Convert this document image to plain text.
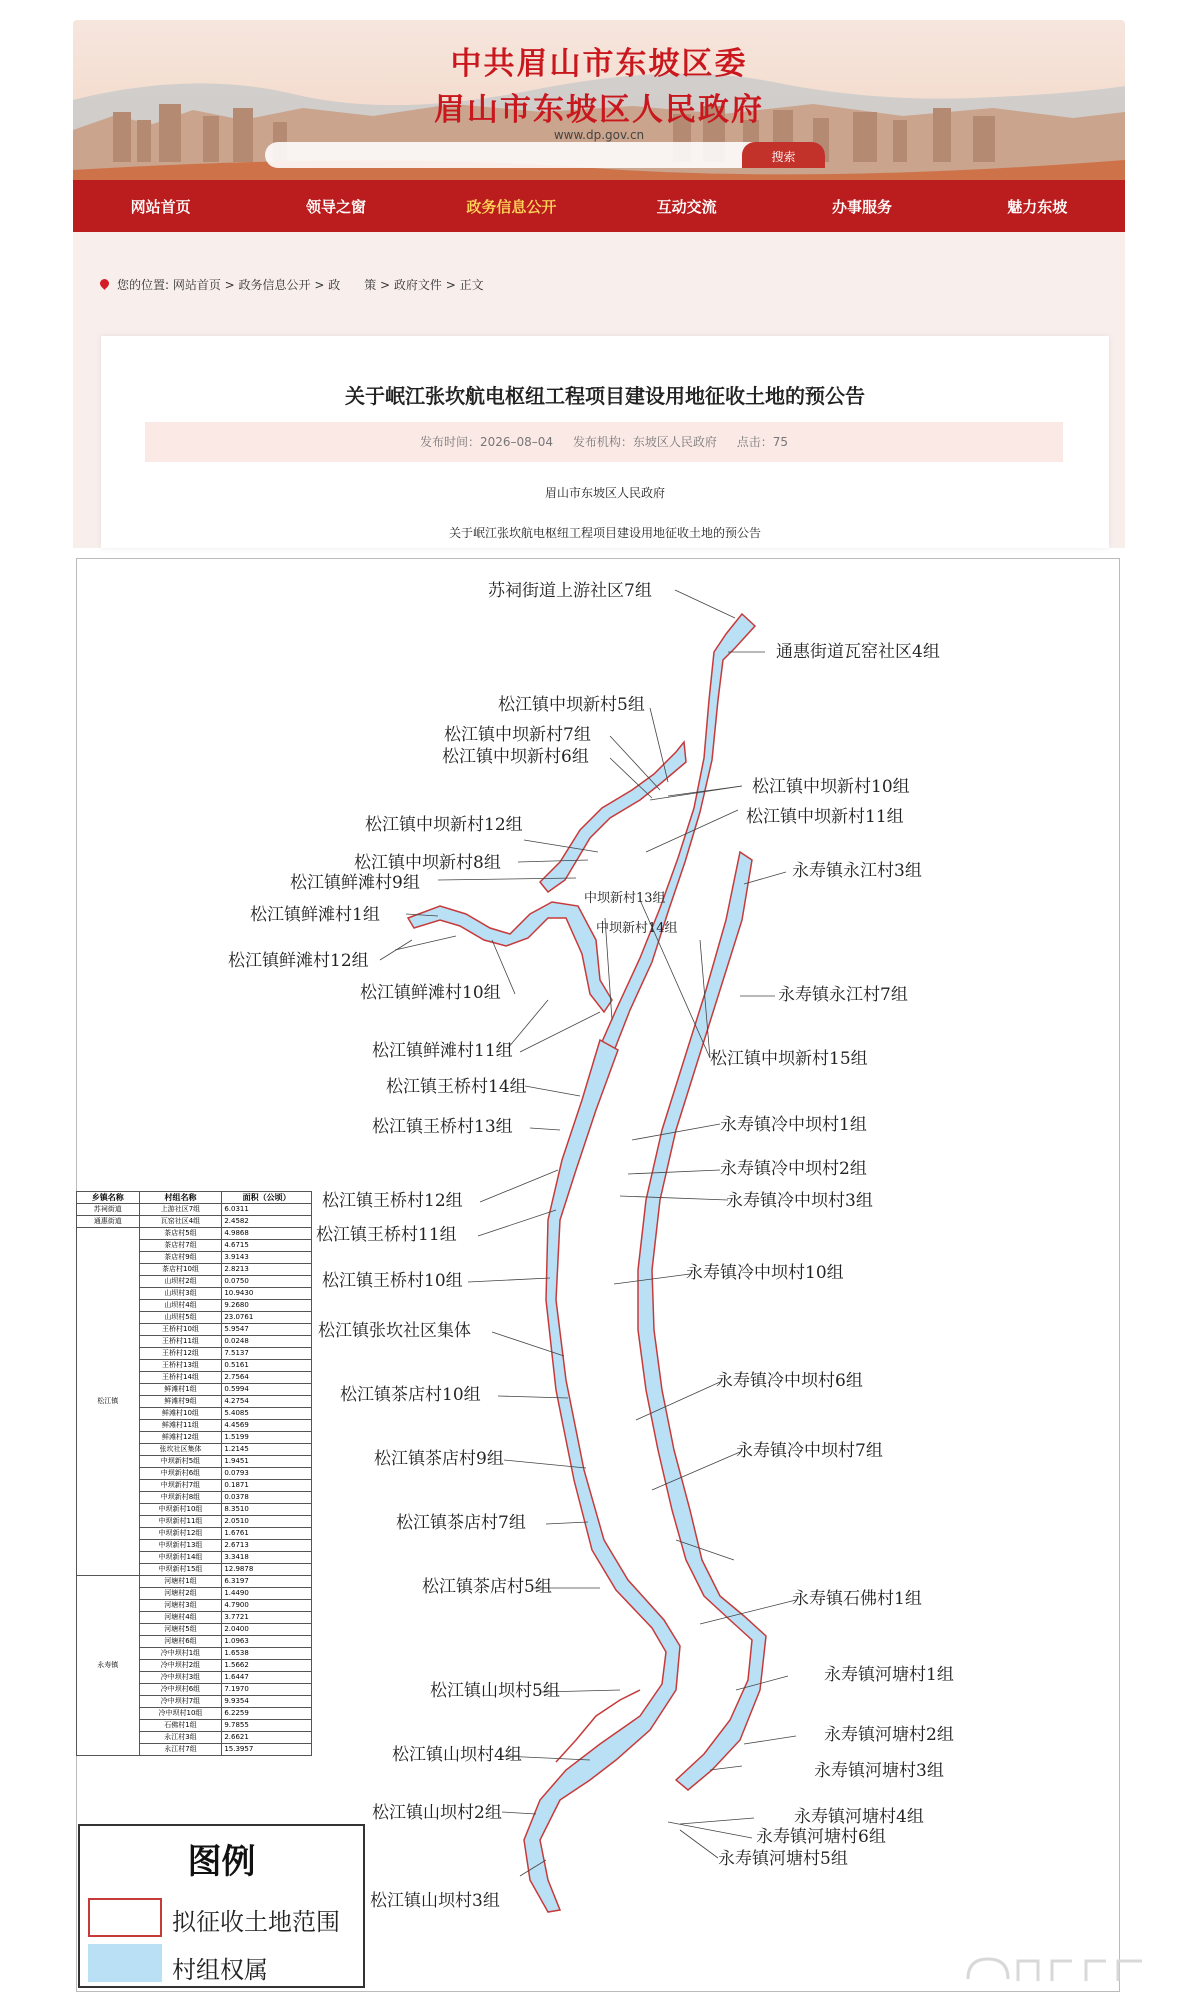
中共眉山市东坡区委
眉山市东坡区人民政府
www.dp.gov.cn
搜索
网站首页	领导之窗	政务信息公开	互动交流	办事服务	魅力东坡
您的位置: 网站首页 > 政务信息公开 > 政　　策 > 政府文件 > 正文
关于岷江张坎航电枢纽工程项目建设用地征收土地的预公告
发布时间：2026–08–04 发布机构：东坡区人民政府 点击：75
眉山市东坡区人民政府
关于岷江张坎航电枢纽工程项目建设用地征收土地的预公告
苏祠街道上游社区7组
通惠街道瓦窑社区4组
松江镇中坝新村5组
松江镇中坝新村7组
松江镇中坝新村6组
松江镇中坝新村10组
松江镇中坝新村11组
松江镇中坝新村12组
松江镇中坝新村8组
松江镇鲜滩村9组
永寿镇永江村3组
中坝新村13组
松江镇鲜滩村1组
中坝新村14组
松江镇鲜滩村12组
松江镇鲜滩村10组	永寿镇永江村7组
松江镇鲜滩村11组	松江镇中坝新村15组
松江镇王桥村14组
松江镇王桥村13组	永寿镇冷中坝村1组
永寿镇冷中坝村2组
松江镇王桥村12组	永寿镇冷中坝村3组
松江镇王桥村11组
松江镇王桥村10组	永寿镇冷中坝村10组
松江镇张坎社区集体
永寿镇冷中坝村6组
松江镇茶店村10组
永寿镇冷中坝村7组
松江镇茶店村9组
松江镇茶店村7组
松江镇茶店村5组
永寿镇石佛村1组
永寿镇河塘村1组
松江镇山坝村5组
永寿镇河塘村2组
松江镇山坝村4组
永寿镇河塘村3组
永寿镇河塘村4组
松江镇山坝村2组
永寿镇河塘村6组
永寿镇河塘村5组
松江镇山坝村3组
乡镇名称	村组名称	面积（公顷）
苏祠街道	上游社区7组	6.0311
通惠街道	瓦窑社区4组	2.4582
松江镇	茶店村5组	4.9868
	茶店村7组	4.6715
	茶店村9组	3.9143
	茶店村10组	2.8213
	山坝村2组	0.0750
	山坝村3组	10.9430
	山坝村4组	9.2680
	山坝村5组	23.0761
	王桥村10组	5.9547
	王桥村11组	0.0248
	王桥村12组	7.5137
	王桥村13组	0.5161
	王桥村14组	2.7564
	鲜滩村1组	0.5994
	鲜滩村9组	4.2754
	鲜滩村10组	5.4085
	鲜滩村11组	4.4569
	鲜滩村12组	1.5199
	张坎社区集体	1.2145
	中坝新村5组	1.9451
	中坝新村6组	0.0793
	中坝新村7组	0.1871
	中坝新村8组	0.0378
	中坝新村10组	8.3510
	中坝新村11组	2.0510
	中坝新村12组	1.6761
	中坝新村13组	2.6713
	中坝新村14组	3.3418
	中坝新村15组	12.9878
永寿镇	河塘村1组	6.3197
	河塘村2组	1.4490
	河塘村3组	4.7900
	河塘村4组	3.7721
	河塘村5组	2.0400
	河塘村6组	1.0963
	冷中坝村1组	1.6538
	冷中坝村2组	1.5662
	冷中坝村3组	1.6447
	冷中坝村6组	7.1970
	冷中坝村7组	9.9354
	冷中坝村10组	6.2259
	石佛村1组	9.7855
	永江村3组	2.6621
	永江村7组	15.3957
图例
拟征收土地范围
村组权属
